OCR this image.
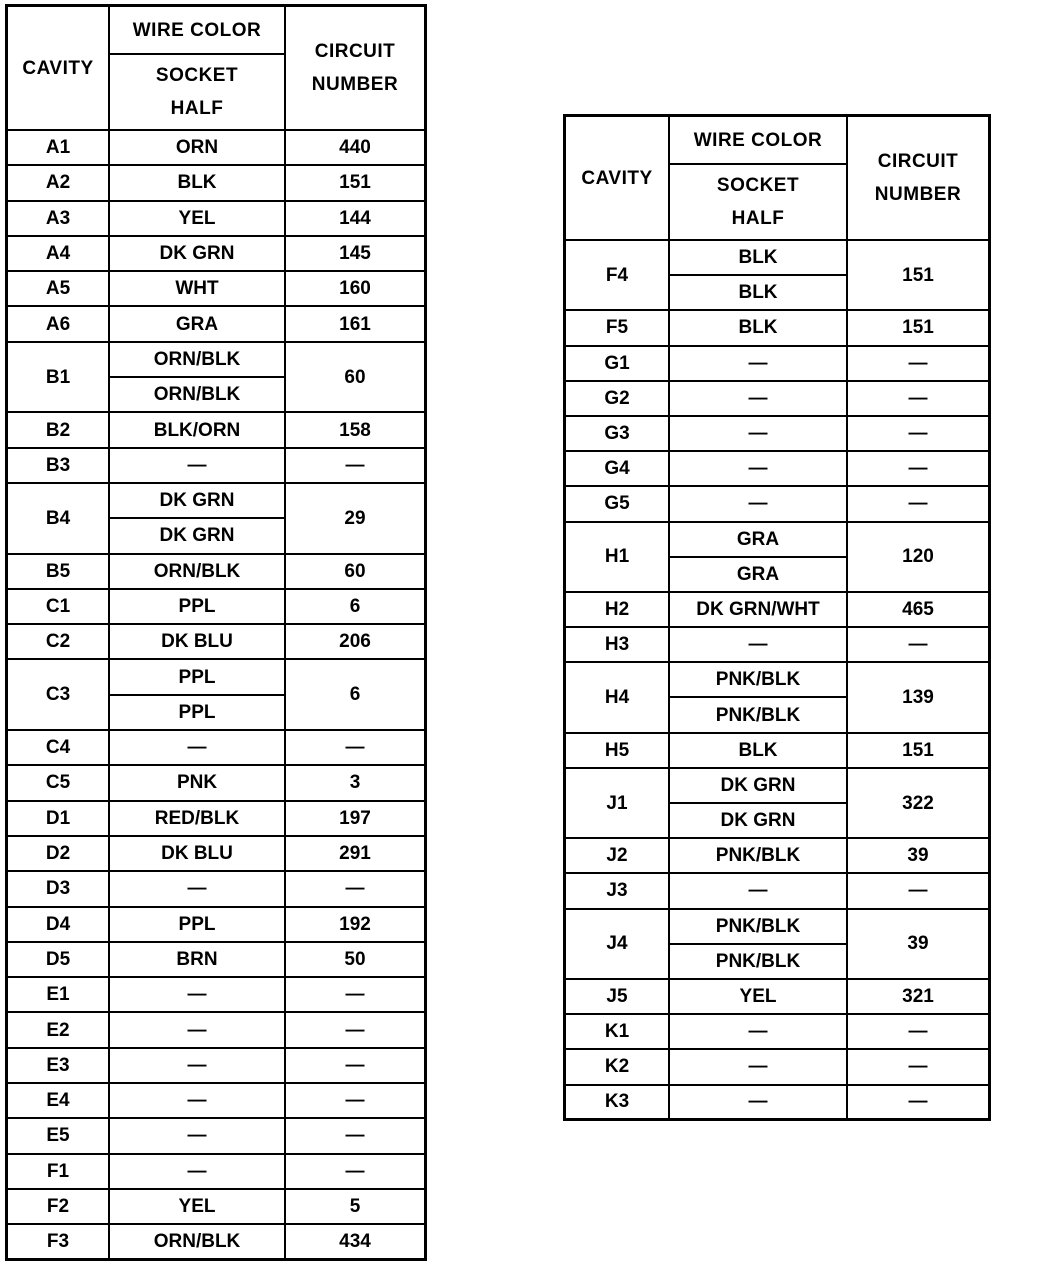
CAVITY	WIRE COLOR	CIRCUIT
NUMBER

	SOCKET
HALF	

A1	ORN	440
A2	BLK	151
A3	YEL	144
A4	DK GRN	145
A5	WHT	160
A6	GRA	161
B1	ORN/BLK	60
	ORN/BLK	
B2	BLK/ORN	158
B3	—	—
B4	DK GRN	29
	DK GRN	
B5	ORN/BLK	60
C1	PPL	6
C2	DK BLU	206
C3	PPL	6
	PPL	
C4	—	—
C5	PNK	3
D1	RED/BLK	197
D2	DK BLU	291
D3	—	—
D4	PPL	192
D5	BRN	50
E1	—	—
E2	—	—
E3	—	—
E4	—	—
E5	—	—
F1	—	—
F2	YEL	5
F3	ORN/BLK	434
CAVITY	WIRE COLOR	CIRCUIT
NUMBER

	SOCKET
HALF	

F4	BLK	151
	BLK	
F5	BLK	151
G1	—	—
G2	—	—
G3	—	—
G4	—	—
G5	—	—
H1	GRA	120
	GRA	
H2	DK GRN/WHT	465
H3	—	—
H4	PNK/BLK	139
	PNK/BLK	
H5	BLK	151
J1	DK GRN	322
	DK GRN	
J2	PNK/BLK	39
J3	—	—
J4	PNK/BLK	39
	PNK/BLK	
J5	YEL	321
K1	—	—
K2	—	—
K3	—	—
